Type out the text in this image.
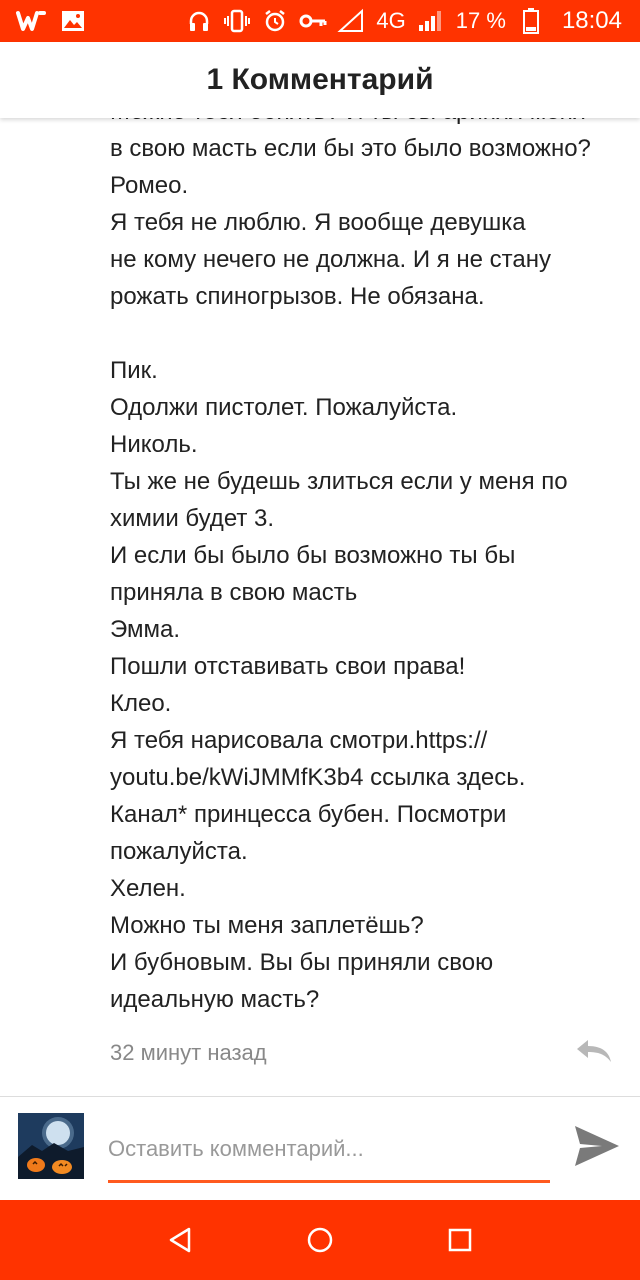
4G 17 % 18:04
1 Комментарий
в свою масть если бы это было возможно?
Ромео.
Я тебя не люблю. Я вообще девушка
не кому нечего не должна. И я не стану
рожать спиногрызов. Не обязана.
Пик.
Одолжи пистолет. Пожалуйста.
Николь.
Ты же не будешь злиться если у меня по
химии будет 3.
И если бы было бы возможно ты бы
приняла в свою масть
Эмма.
Пошли отставивать свои права!
Клео.
Я тебя нарисовала смотри.https://
youtu.be/kWiJMMfK3b4 ссылка здесь.
Канал* принцесса бубен. Посмотри
пожалуйста.
Хелен.
Можно ты меня заплетёшь?
И бубновым. Вы бы приняли свою
идеальную масть?
32 минут назад
Оставить комментарий...
